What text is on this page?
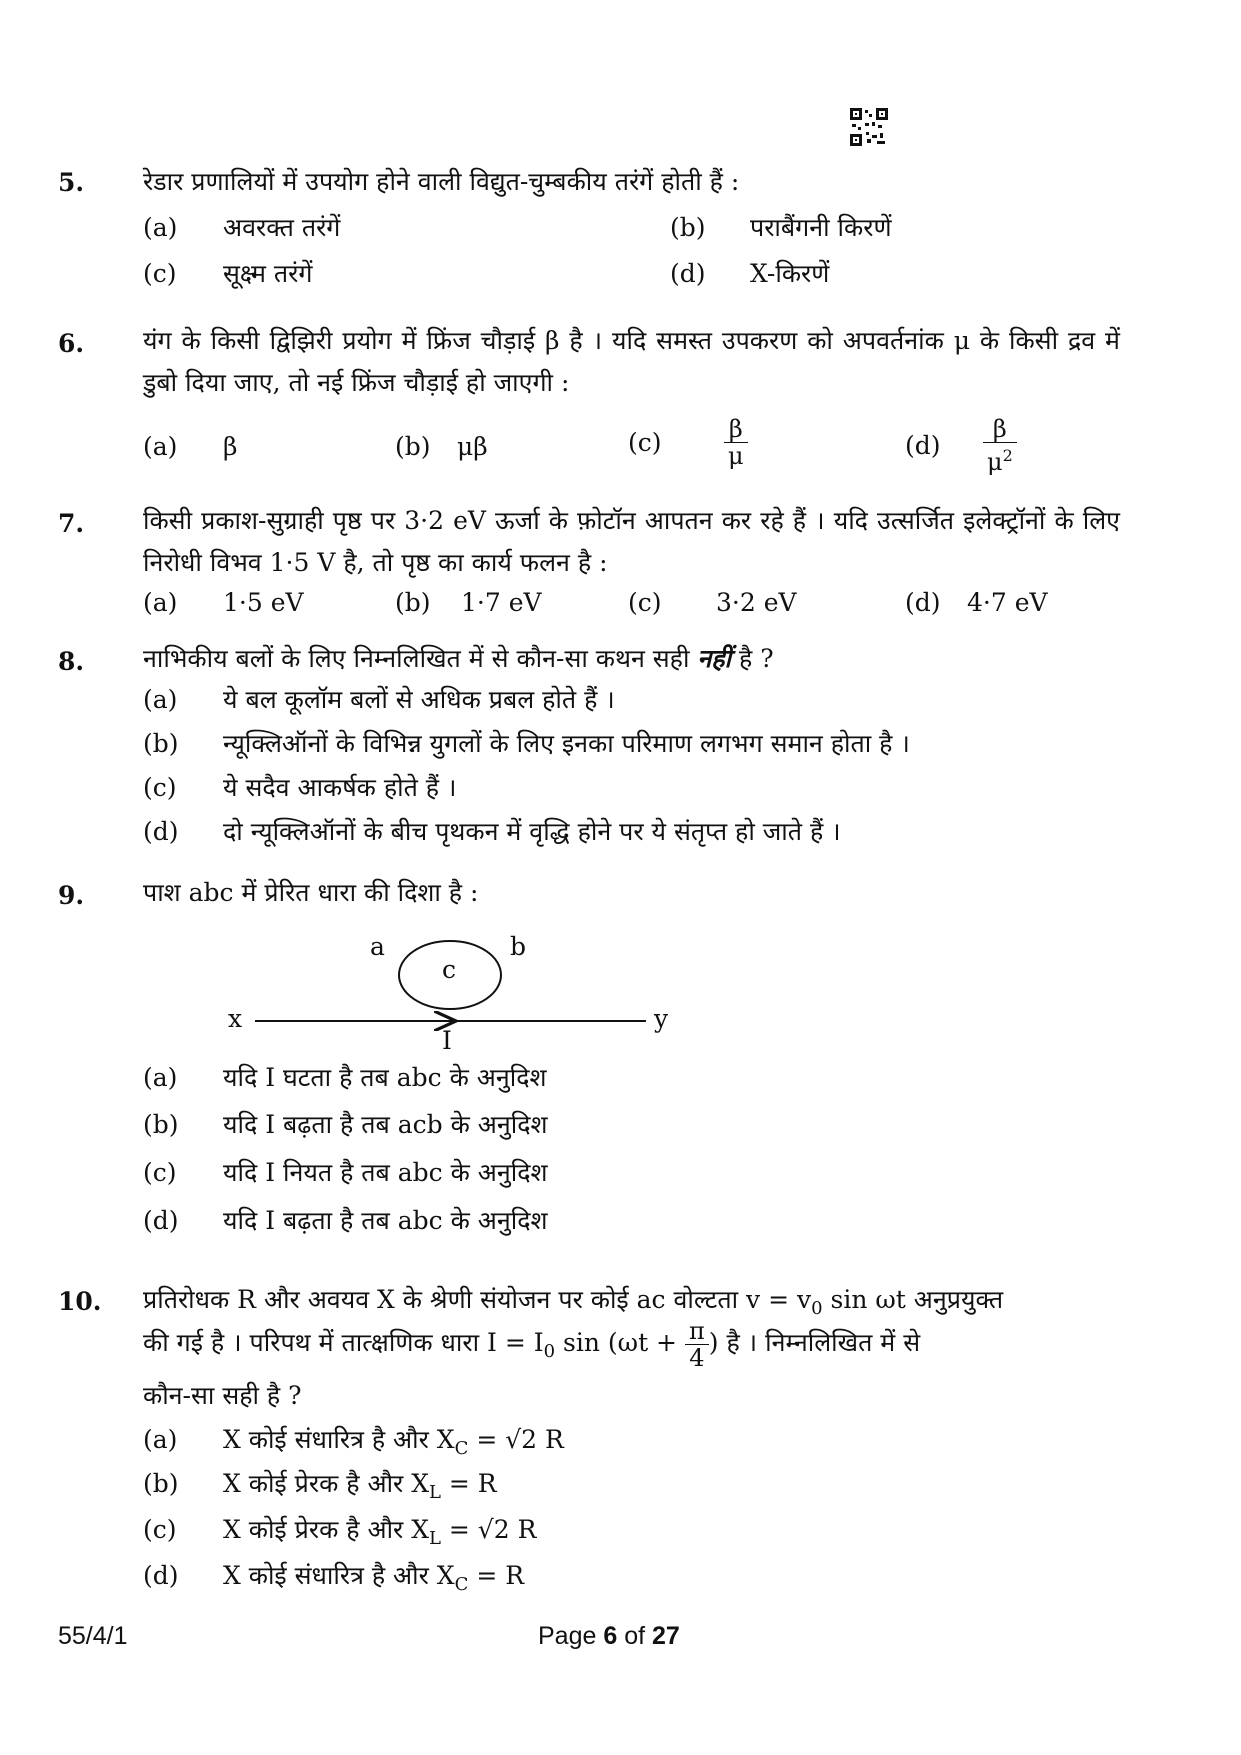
5. रेडार प्रणालियों में उपयोग होने वाली विद्युत-चुम्बकीय तरंगें होती हैं :
(a) अवरक्त तरंगें	(b) पराबैंगनी किरणें
(c) सूक्ष्म तरंगें	(d) X-किरणें
6. यंग के किसी द्विझिरी प्रयोग में फ्रिंज चौड़ाई β है । यदि समस्त उपकरण को अपवर्तनांक μ के किसी द्रव में डुबो दिया जाए, तो नई फ्रिंज चौड़ाई हो जाएगी :
(a) β	(b) μβ	(c)	$\frac{\beta}{\mu}$	$(d) \frac{\beta}{\mu^2}$
7. किसी प्रकाश-सुग्राही पृष्ठ पर 3·2 eV ऊर्जा के फ़ोटॉन आपतन कर रहे हैं । यदि उत्सर्जित इलेक्ट्रॉनों के लिए निरोधी विभव 1·5 V है, तो पृष्ठ का कार्य फलन है :
(a) 1·5 eV	(b) 1·7 eV	(c) 3·2 eV	(d) 4·7 eV
8. नाभिकीय बलों के लिए निम्नलिखित में से कौन-सा कथन सही नहीं है ?
(a) ये बल कूलॉम बलों से अधिक प्रबल होते हैं ।
(b) न्यूक्लिऑनों के विभिन्न युगलों के लिए इनका परिमाण लगभग समान होता है ।
(c) ये सदैव आकर्षक होते हैं ।
(d) दो न्यूक्लिऑनों के बीच पृथकन में वृद्धि होने पर ये संतृप्त हो जाते हैं ।
9. पाश abc में प्रेरित धारा की दिशा है :
a	b
c
x	y
I
(a) यदि I घटता है तब abc के अनुदिश
(b) यदि I बढ़ता है तब acb के अनुदिश
(c) यदि I नियत है तब abc के अनुदिश
(d) यदि I बढ़ता है तब abc के अनुदिश
10. प्रतिरोधक R और अवयव X के श्रेणी संयोजन पर कोई ac वोल्टता $v = v_0$ sin ωt अनुप्रयुक्त
की गई है । परिपथ में तात्क्षणिक धारा $I = I_0$ $\sin (\omega t + \frac{\pi}{4}$ ) है । निम्नलिखित में से
कौन-सा सही है ?
(a) X कोई संधारित्र है और $X_C = √2$ R
(b) X कोई प्रेरक है और $X_L = R$
(c) X कोई प्रेरक है और $X_L = √2$ R
(d) X कोई संधारित्र है और $X_C = R$
55/4/1	Page 6 of 27
